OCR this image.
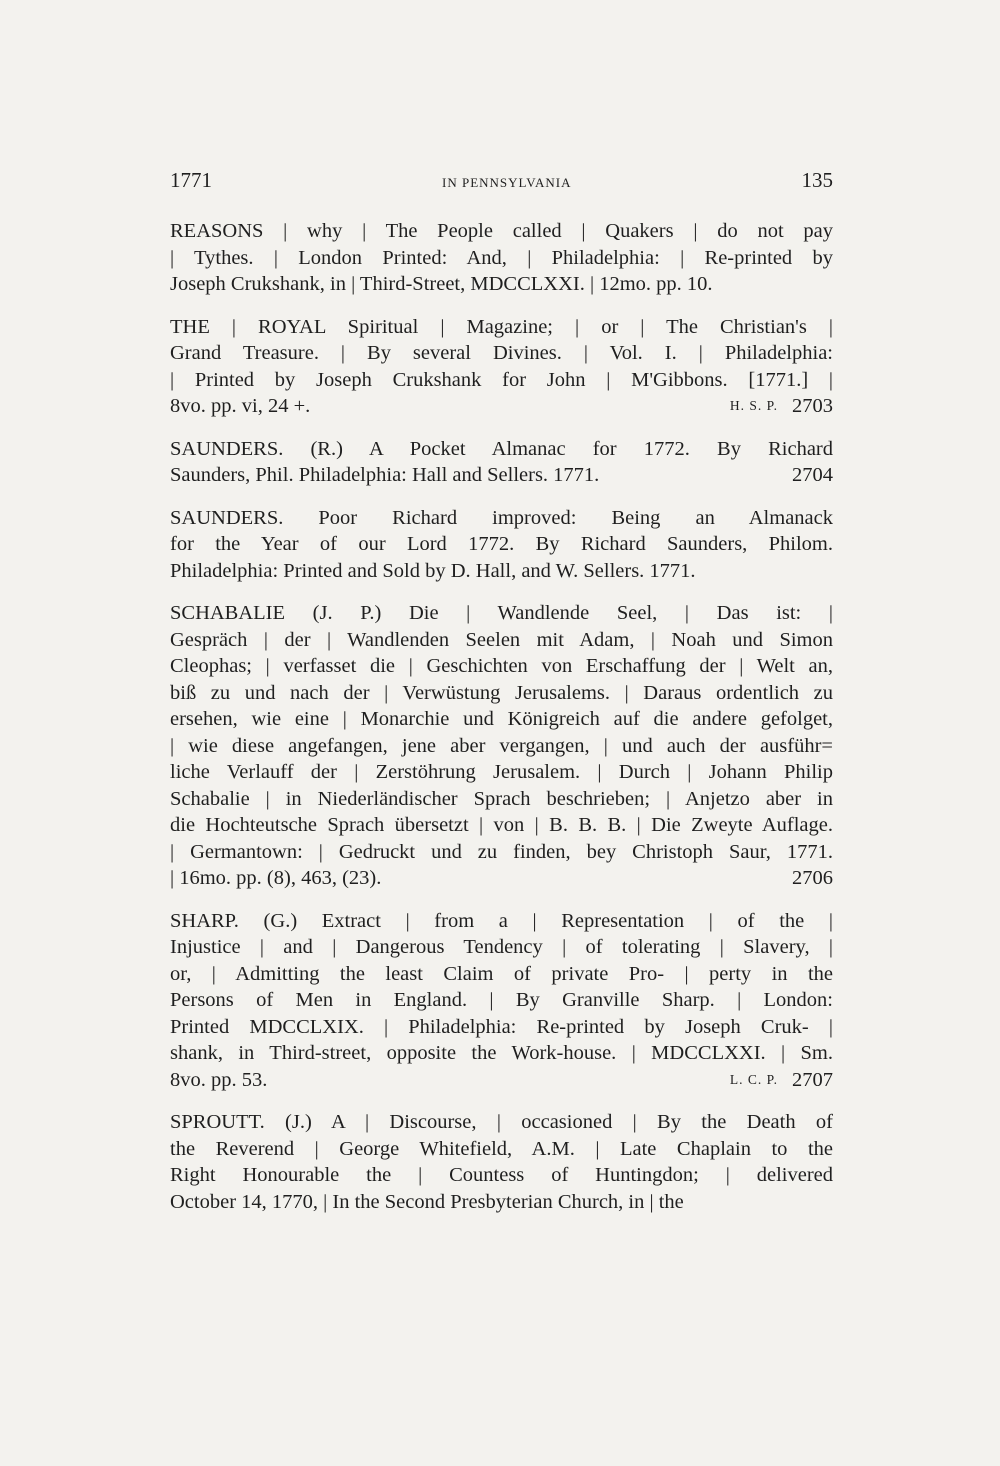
1771	IN PENNSYLVANIA	135
REASONS | why | The People called | Quakers | do not pay
| Tythes. | London Printed: And, | Philadelphia: | Re-printed by
Joseph Crukshank, in | Third-Street, MDCCLXXI. | 12mo. pp. 10.
THE | ROYAL Spiritual | Magazine; | or | The Christian's |
Grand Treasure. | By several Divines. | Vol. I. | Philadelphia:
| Printed by Joseph Crukshank for John | M'Gibbons. [1771.] |
8vo. pp. vi, 24 +.	H. S. P. 2703
SAUNDERS. (R.) A Pocket Almanac for 1772. By Richard
Saunders, Phil. Philadelphia: Hall and Sellers. 1771.	2704
SAUNDERS. Poor Richard improved: Being an Almanack
for the Year of our Lord 1772. By Richard Saunders, Philom.
Philadelphia: Printed and Sold by D. Hall, and W. Sellers. 1771.
SCHABALIE (J. P.) Die | Wandlende Seel, | Das ist: |
Gespräch | der | Wandlenden Seelen mit Adam, | Noah und Simon
Cleophas; | verfasset die | Geschichten von Erschaffung der | Welt an,
biß zu und nach der | Verwüstung Jerusalems. | Daraus ordentlich zu
ersehen, wie eine | Monarchie und Königreich auf die andere gefolget,
| wie diese angefangen, jene aber vergangen, | und auch der ausführ=
liche Verlauff der | Zerstöhrung Jerusalem. | Durch | Johann Philip
Schabalie | in Niederländischer Sprach beschrieben; | Anjetzo aber in
die Hochteutsche Sprach übersetzt | von | B. B. B. | Die Zweyte Auflage.
| Germantown: | Gedruckt und zu finden, bey Christoph Saur, 1771.
| 16mo. pp. (8), 463, (23).	2706
SHARP. (G.) Extract | from a | Representation | of the |
Injustice | and | Dangerous Tendency | of tolerating | Slavery, |
or, | Admitting the least Claim of private Pro- | perty in the
Persons of Men in England. | By Granville Sharp. | London:
Printed MDCCLXIX. | Philadelphia: Re-printed by Joseph Cruk- |
shank, in Third-street, opposite the Work-house. | MDCCLXXI. | Sm.
8vo. pp. 53.	L. C. P. 2707
SPROUTT. (J.) A | Discourse, | occasioned | By the Death of
the Reverend | George Whitefield, A.M. | Late Chaplain to the
Right Honourable the | Countess of Huntingdon; | delivered
October 14, 1770, | In the Second Presbyterian Church, in | the
